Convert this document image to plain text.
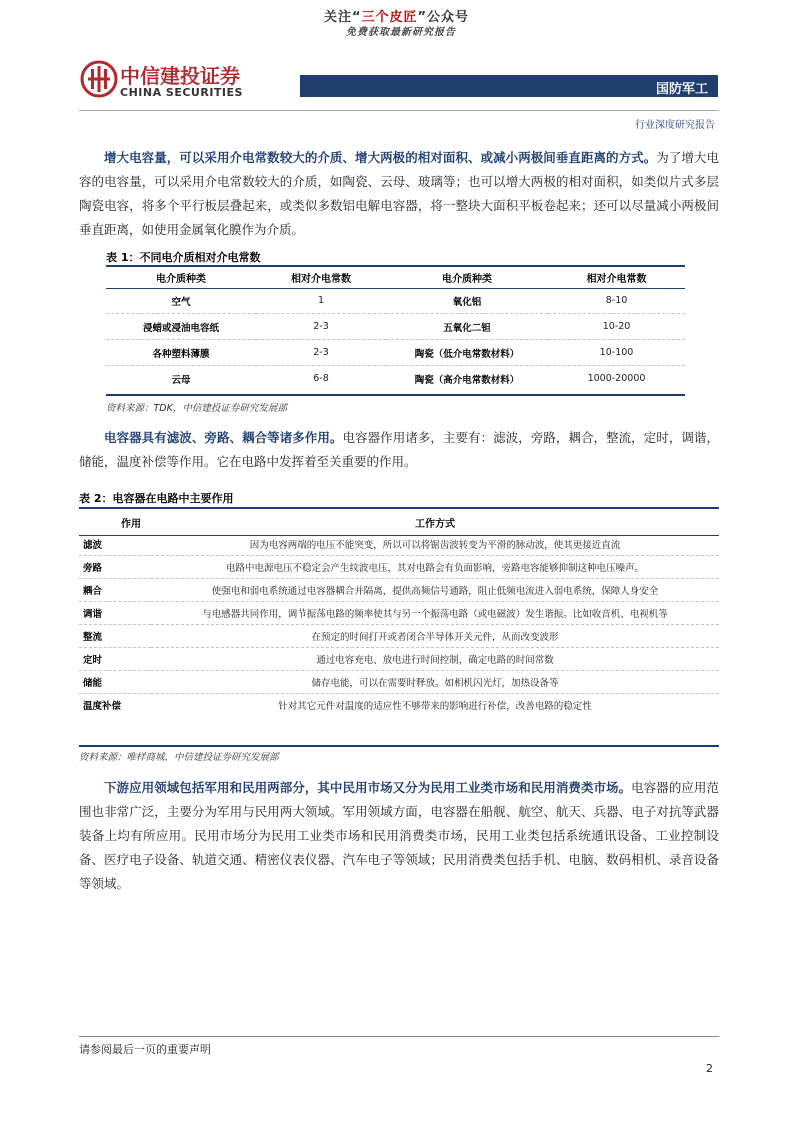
关注“三个皮匠”公众号
免费获取最新研究报告
中信建投证券
CHINA SECURITIES	国防军工
行业深度研究报告
增大电容量，可以采用介电常数较大的介质、增大两极的相对面积、或减小两极间垂直距离的方式。为了增大电容的电容量，可以采用介电常数较大的介质，如陶瓷、云母、玻璃等；也可以增大两极的相对面积，如类似片式多层陶瓷电容，将多个平行板层叠起来，或类似多数铝电解电容器，将一整块大面积平板卷起来；还可以尽量减小两极间垂直距离，如使用金属氧化膜作为介质。
表 1：不同电介质相对介电常数
电介质种类	相对介电常数	电介质种类	相对介电常数
空气	1	氧化铝	8-10
浸蜡或浸油电容纸	2-3	五氧化二钽	10-20
各种塑料薄膜	2-3	陶瓷（低介电常数材料）	10-100
云母	6-8	陶瓷（高介电常数材料）	1000-20000
资料来源：TDK，中信建投证券研究发展部
电容器具有滤波、旁路、耦合等诸多作用。电容器作用诸多，主要有：滤波，旁路，耦合，整流，定时，调谐，储能，温度补偿等作用。它在电路中发挥着至关重要的作用。
表 2：电容器在电路中主要作用
作用	工作方式
滤波	因为电容两端的电压不能突变，所以可以将锯齿波转变为平滑的脉动波，使其更接近直流
旁路	电路中电源电压不稳定会产生纹波电压，其对电路会有负面影响，旁路电容能够抑制这种电压噪声。
耦合	使强电和弱电系统通过电容器耦合并隔离，提供高频信号通路，阻止低频电流进入弱电系统，保障人身安全
调谐	与电感器共同作用，调节振荡电路的频率使其与另一个振荡电路（或电磁波）发生谐振。比如收音机、电视机等
整流	在预定的时间打开或者闭合半导体开关元件，从而改变波形
定时	通过电容充电、放电进行时间控制，确定电路的时间常数
储能	储存电能，可以在需要时释放。如相机闪光灯，加热设备等
温度补偿	针对其它元件对温度的适应性不够带来的影响进行补偿，改善电路的稳定性
资料来源：唯样商城，中信建投证券研究发展部
下游应用领域包括军用和民用两部分，其中民用市场又分为民用工业类市场和民用消费类市场。电容器的应用范围也非常广泛，主要分为军用与民用两大领域。军用领域方面，电容器在船舰、航空、航天、兵器、电子对抗等武器装备上均有所应用。民用市场分为民用工业类市场和民用消费类市场，民用工业类包括系统通讯设备、工业控制设备、医疗电子设备、轨道交通、精密仪表仪器、汽车电子等领域；民用消费类包括手机、电脑、数码相机、录音设备等领域。
请参阅最后一页的重要声明
2
